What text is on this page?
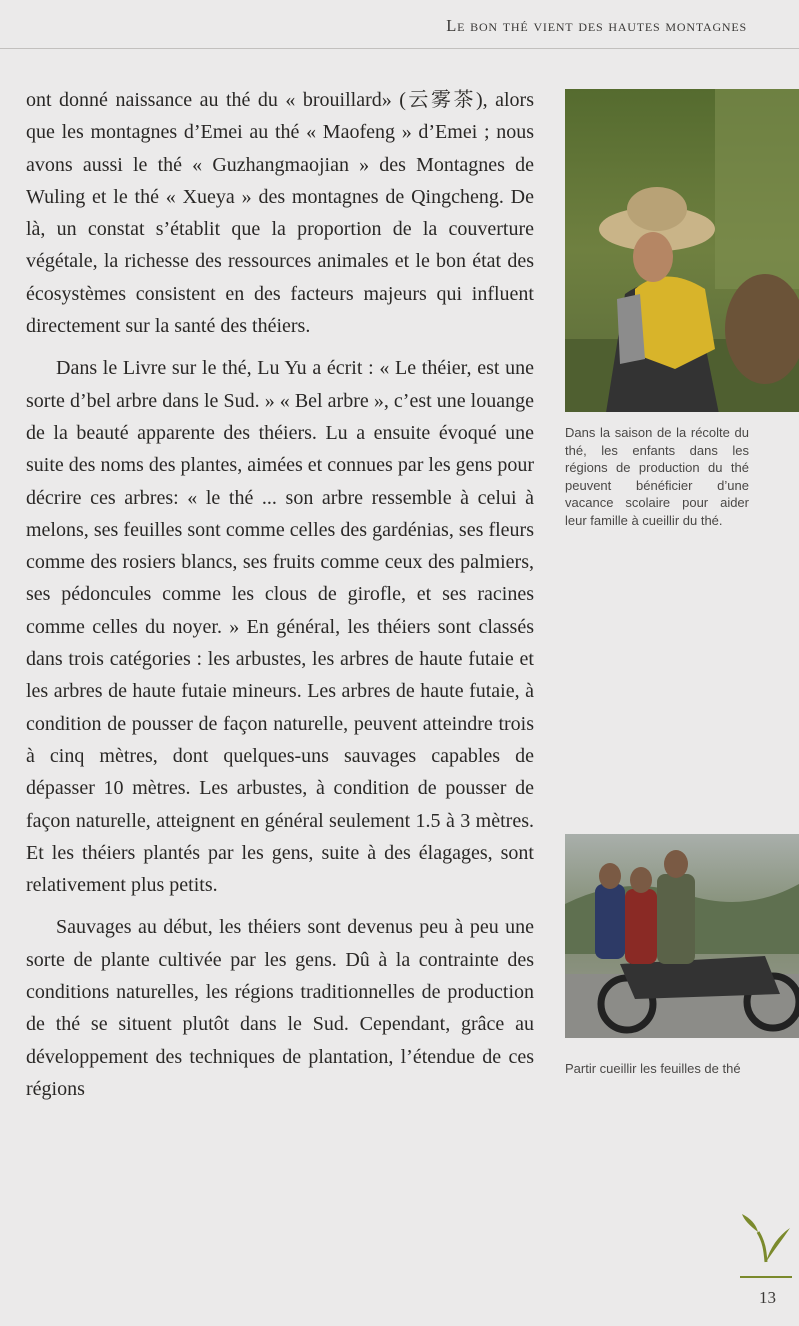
Le bon thé vient des hautes montagnes

ont donné naissance au thé du « brouillard» (云雾茶), alors que les montagnes d’Emei au thé « Maofeng » d’Emei ; nous avons aussi le thé « Guzhangmaojian » des Montagnes de Wuling et le thé « Xueya » des montagnes de Qingcheng. De là, un constat s’établit que la proportion de la couverture végétale, la richesse des ressources animales et le bon état des écosystèmes consistent en des facteurs majeurs qui influent directement sur la santé des théiers.

Dans le Livre sur le thé, Lu Yu a écrit : « Le théier, est une sorte d’bel arbre dans le Sud. » « Bel arbre », c’est une louange de la beauté apparente des théiers. Lu a ensuite évoqué une suite des noms des plantes, aimées et connues par les gens pour décrire ces arbres: « le thé ... son arbre ressemble à celui à melons, ses feuilles sont comme celles des gardénias, ses fleurs comme des rosiers blancs, ses fruits comme ceux des palmiers, ses pédoncules comme les clous de girofle, et ses racines comme celles du noyer. » En général, les théiers sont classés dans trois catégories : les arbustes, les arbres de haute futaie et les arbres de haute futaie mineurs. Les arbres de haute futaie, à condition de pousser de façon naturelle, peuvent atteindre trois à cinq mètres, dont quelques-uns sauvages capables de dépasser 10 mètres. Les arbustes, à condition de pousser de façon naturelle, atteignent en général seulement 1.5 à 3 mètres. Et les théiers plantés par les gens, suite à des élagages, sont relativement plus petits.

Sauvages au début, les théiers sont devenus peu à peu une sorte de plante cultivée par les gens. Dû à la contrainte des conditions naturelles, les régions traditionnelles de production de thé se situent plutôt dans le Sud. Cependant, grâce au développement des techniques de plantation, l’étendue de ces régions

Dans la saison de la récolte du thé, les enfants dans les régions de production du thé peuvent bénéficier d’une vacance scolaire pour aider leur famille à cueillir du thé.
Partir cueillir les feuilles de thé
13
